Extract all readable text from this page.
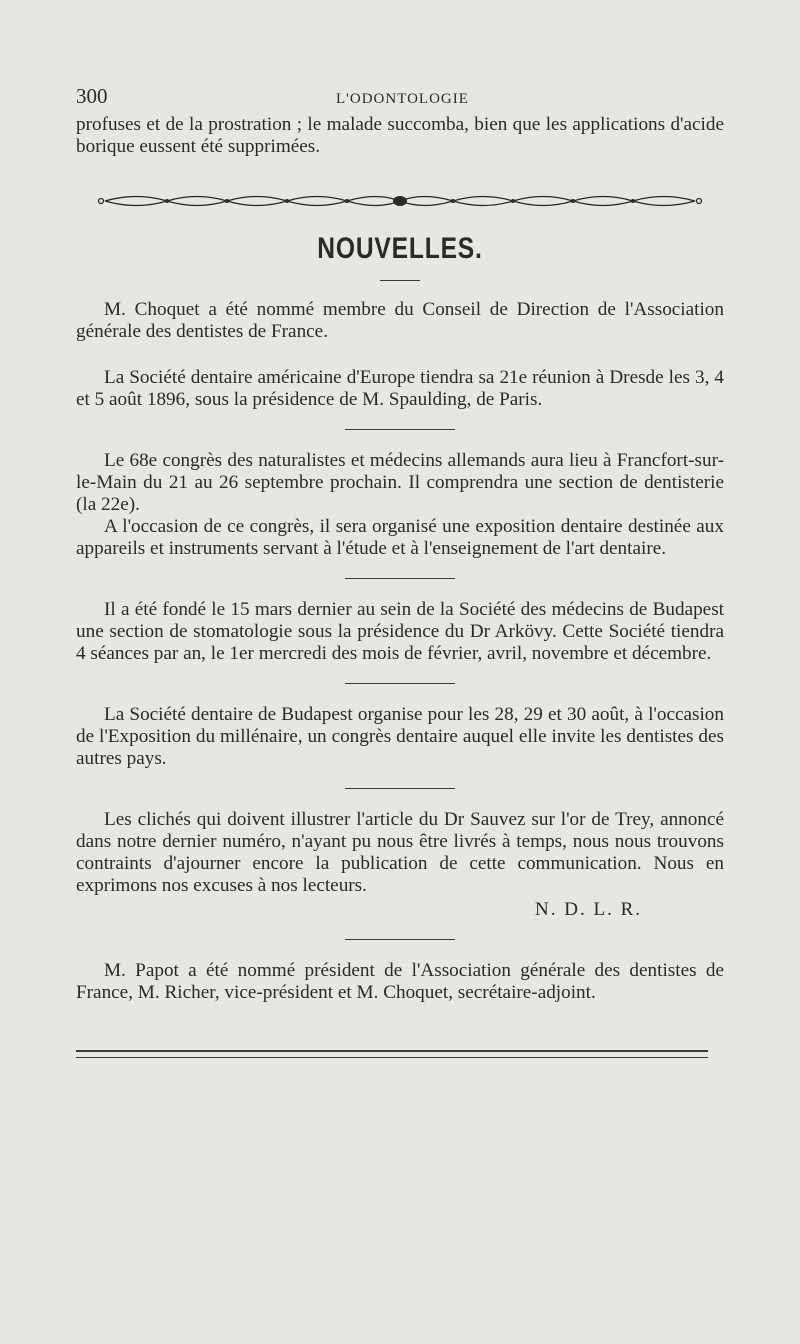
300	L'ODONTOLOGIE

profuses et de la prostration ; le malade succomba, bien que les applications d'acide borique eussent été supprimées.

NOUVELLES.

M. Choquet a été nommé membre du Conseil de Direction de l'Association générale des dentistes de France.

La Société dentaire américaine d'Europe tiendra sa 21e réunion à Dresde les 3, 4 et 5 août 1896, sous la présidence de M. Spaulding, de Paris.

Le 68e congrès des naturalistes et médecins allemands aura lieu à Francfort-sur-le-Main du 21 au 26 septembre prochain. Il comprendra une section de dentisterie (la 22e).

A l'occasion de ce congrès, il sera organisé une exposition dentaire destinée aux appareils et instruments servant à l'étude et à l'enseignement de l'art dentaire.

Il a été fondé le 15 mars dernier au sein de la Société des médecins de Budapest une section de stomatologie sous la présidence du Dr Arkövy. Cette Société tiendra 4 séances par an, le 1er mercredi des mois de février, avril, novembre et décembre.

La Société dentaire de Budapest organise pour les 28, 29 et 30 août, à l'occasion de l'Exposition du millénaire, un congrès dentaire auquel elle invite les dentistes des autres pays.

Les clichés qui doivent illustrer l'article du Dr Sauvez sur l'or de Trey, annoncé dans notre dernier numéro, n'ayant pu nous être livrés à temps, nous nous trouvons contraints d'ajourner encore la publication de cette communication. Nous en exprimons nos excuses à nos lecteurs.

N. D. L. R.

M. Papot a été nommé président de l'Association générale des dentistes de France, M. Richer, vice-président et M. Choquet, secrétaire-adjoint.
